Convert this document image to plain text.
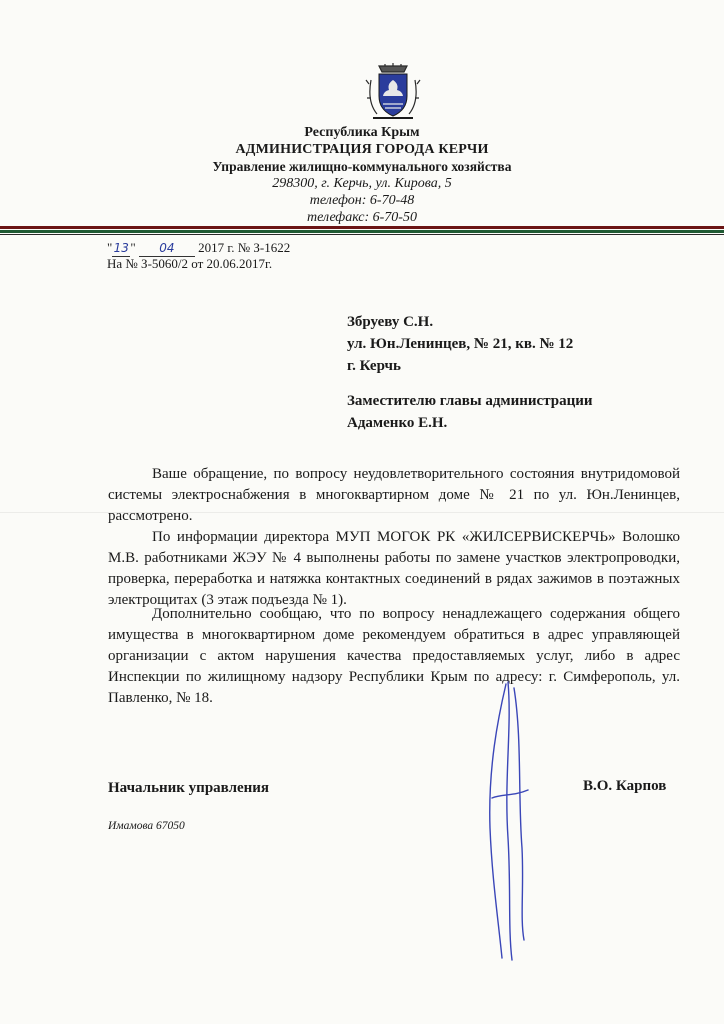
Республика Крым
АДМИНИСТРАЦИЯ ГОРОДА КЕРЧИ
Управление жилищно-коммунального хозяйства
298300, г. Керчь, ул. Кирова, 5
телефон: 6-70-48
телефакс: 6-70-50
"13" 04 2017 г. № З-1622
На № З-5060/2 от 20.06.2017г.
Збруеву С.Н.
ул. Юн.Ленинцев, № 21, кв. № 12
г. Керчь
Заместителю главы администрации
Адаменко Е.Н.
Ваше обращение, по вопросу неудовлетворительного состояния внутридомовой системы электроснабжения в многоквартирном доме № 21 по ул. Юн.Ленинцев, рассмотрено.
По информации директора МУП МОГОК РК «ЖИЛСЕРВИСКЕРЧЬ» Волошко М.В. работниками ЖЭУ № 4 выполнены работы по замене участков электропроводки, проверка, переработка и натяжка контактных соединений в рядах зажимов в поэтажных электрощитах (3 этаж подъезда № 1).
Дополнительно сообщаю, что по вопросу ненадлежащего содержания общего имущества в многоквартирном доме рекомендуем обратиться в адрес управляющей организации с актом нарушения качества предоставляемых услуг, либо в адрес Инспекции по жилищному надзору Республики Крым по адресу: г. Симферополь, ул. Павленко, № 18.
Начальник управления	В.О. Карпов
Имамова 67050
